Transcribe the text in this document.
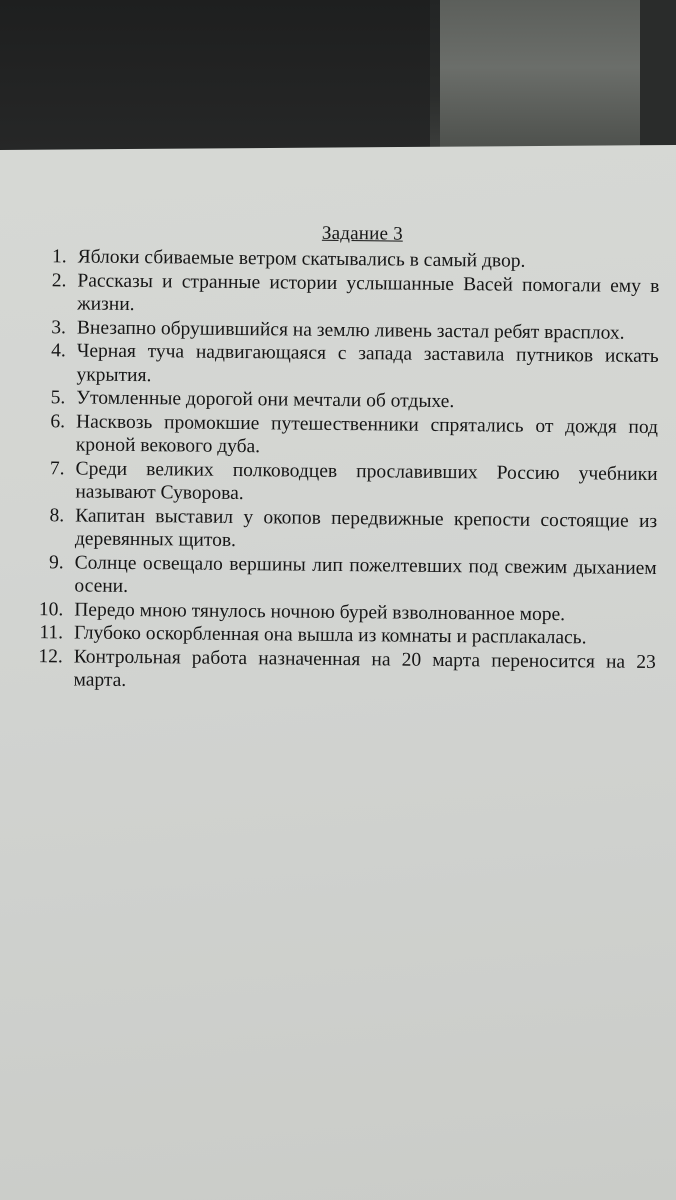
Задание 3
1. Яблоки сбиваемые ветром скатывались в самый двор.
2. Рассказы и странные истории услышанные Васей помогали ему в жизни.
3. Внезапно обрушившийся на землю ливень застал ребят врасплох.
4. Черная туча надвигающаяся с запада заставила путников искать укрытия.
5. Утомленные дорогой они мечтали об отдыхе.
6. Насквозь промокшие путешественники спрятались от дождя под кроной векового дуба.
7. Среди великих полководцев прославивших Россию учебники называют Суворова.
8. Капитан выставил у окопов передвижные крепости состоящие из деревянных щитов.
9. Солнце освещало вершины лип пожелтевших под свежим дыханием осени.
10. Передо мною тянулось ночною бурей взволнованное море.
11. Глубоко оскорбленная она вышла из комнаты и расплакалась.
12. Контрольная работа назначенная на 20 марта переносится на 23 марта.
